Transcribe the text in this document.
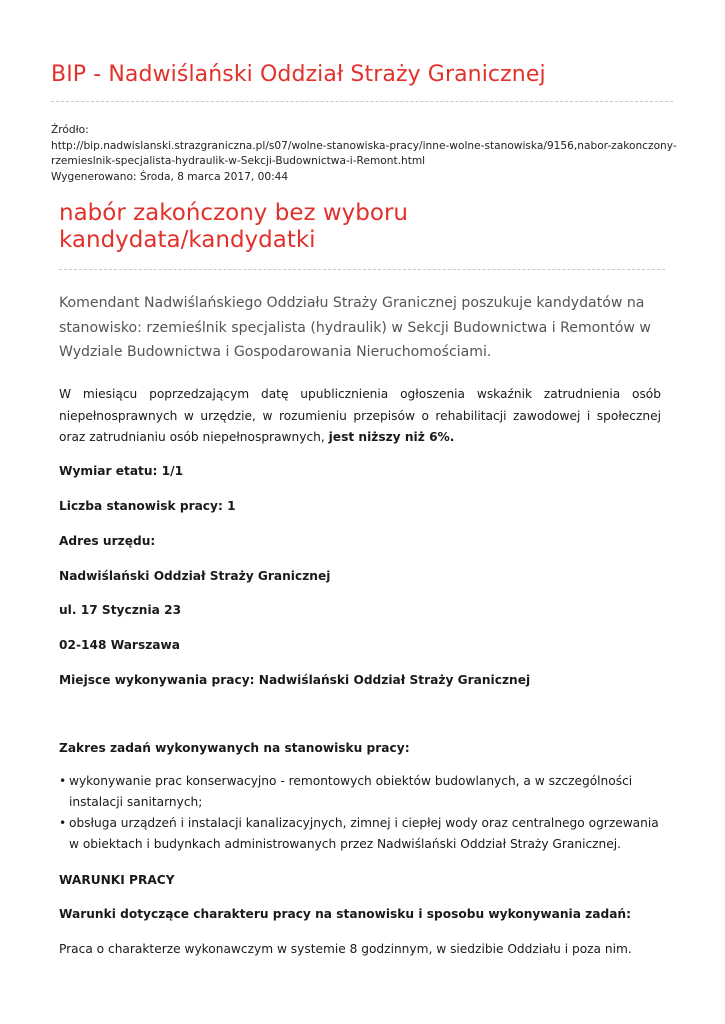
BIP - Nadwiślański Oddział Straży Granicznej
Źródło:
http://bip.nadwislanski.strazgraniczna.pl/s07/wolne-stanowiska-pracy/inne-wolne-stanowiska/9156,nabor-zakonczony-
rzemieslnik-specjalista-hydraulik-w-Sekcji-Budownictwa-i-Remont.html
Wygenerowano: Środa, 8 marca 2017, 00:44
nabór zakończony bez wyboru kandydata/kandydatki

Komendant Nadwiślańskiego Oddziału Straży Granicznej poszukuje kandydatów na stanowisko: rzemieślnik specjalista (hydraulik) w Sekcji Budownictwa i Remontów w Wydziale Budownictwa i Gospodarowania Nieruchomościami.

W miesiącu poprzedzającym datę upublicznienia ogłoszenia wskaźnik zatrudnienia osób niepełnosprawnych w urzędzie, w rozumieniu przepisów o rehabilitacji zawodowej i społecznej oraz zatrudnianiu osób niepełnosprawnych, jest niższy niż 6%.

Wymiar etatu: 1/1

Liczba stanowisk pracy: 1

Adres urzędu:

Nadwiślański Oddział Straży Granicznej

ul. 17 Stycznia 23

02-148 Warszawa

Miejsce wykonywania pracy: Nadwiślański Oddział Straży Granicznej

Zakres zadań wykonywanych na stanowisku pracy:

• wykonywanie prac konserwacyjno - remontowych obiektów budowlanych, a w szczególności instalacji sanitarnych;
• obsługa urządzeń i instalacji kanalizacyjnych, zimnej i ciepłej wody oraz centralnego ogrzewania w obiektach i budynkach administrowanych przez Nadwiślański Oddział Straży Granicznej.

WARUNKI PRACY

Warunki dotyczące charakteru pracy na stanowisku i sposobu wykonywania zadań:

Praca o charakterze wykonawczym w systemie 8 godzinnym, w siedzibie Oddziału i poza nim.
